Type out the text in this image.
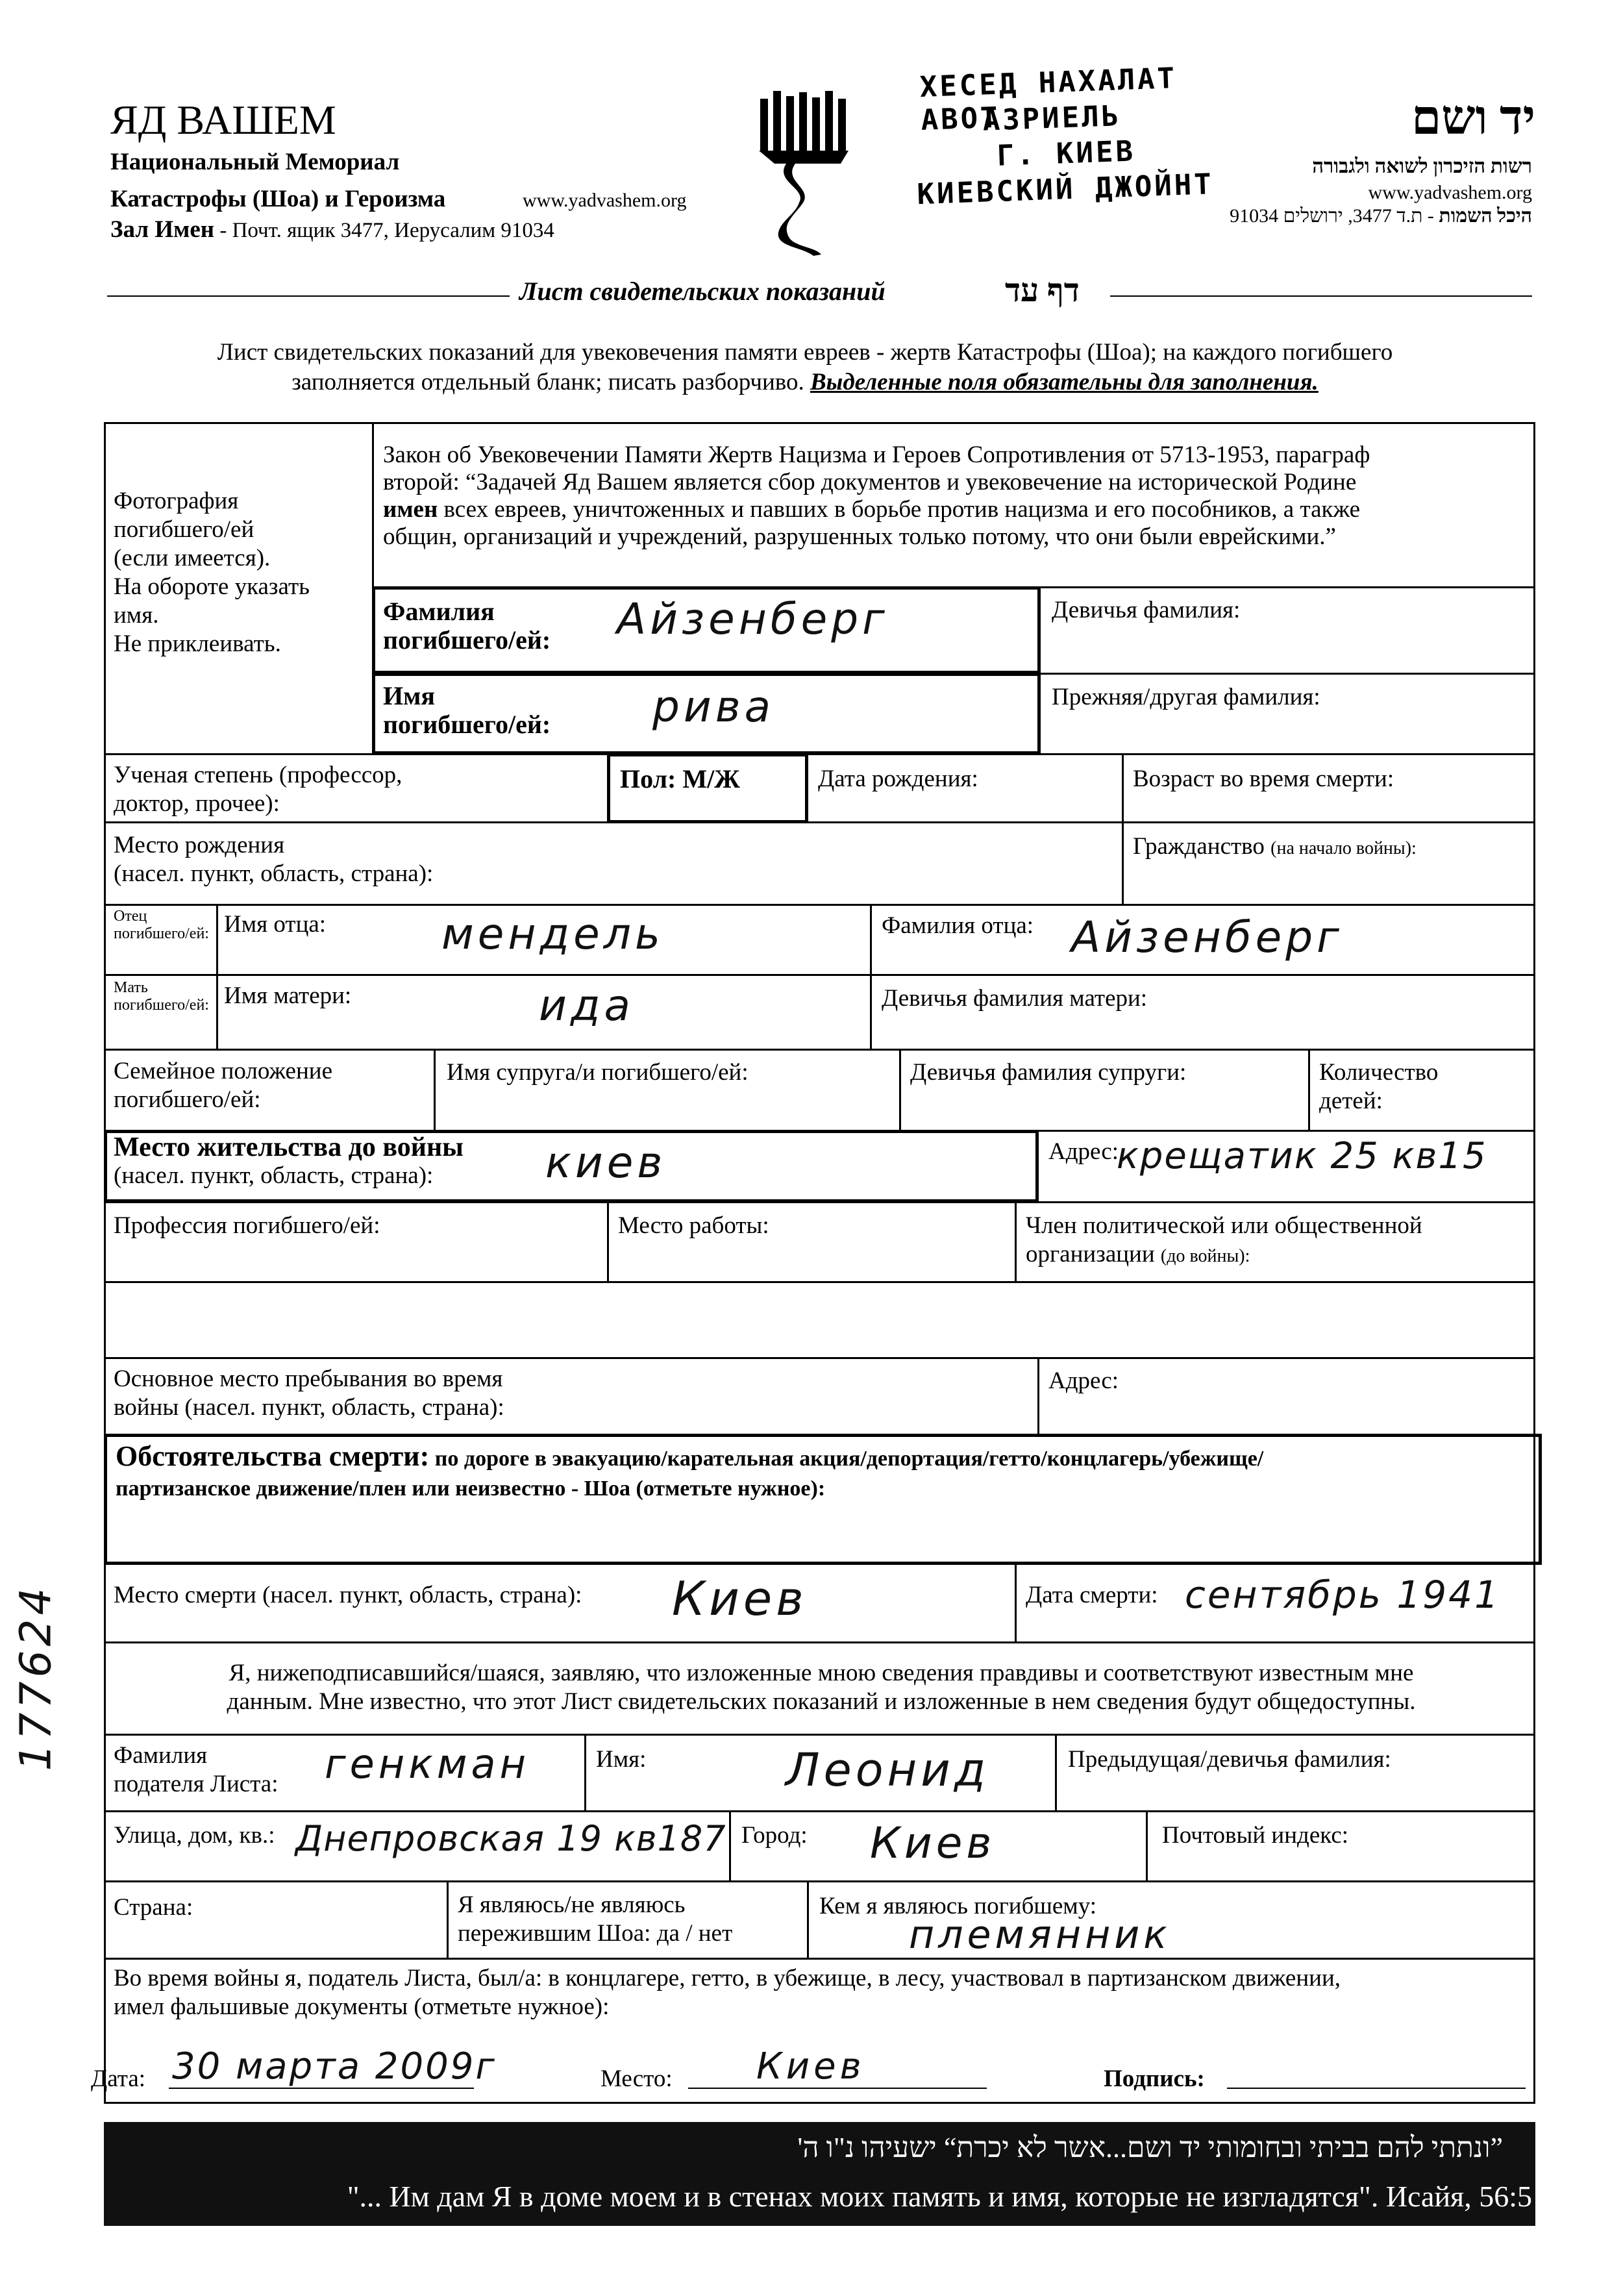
ЯД ВАШЕМ
Национальный Мемориал
Катастрофы (Шоа) и Героизма	www.yadvashem.org
Зал Имен - Почт. ящик 3477, Иерусалим 91034
ХЕСЕД НАХАЛАТ АВОТ
АЗРИЕЛЬ
Г. КИЕВ
КИЕВСКИЙ ДЖОЙНТ
יד ושם
רשות הזיכרון לשואה ולגבורה
www.yadvashem.org
היכל השמות - ת.ד 3477, ירושלים 91034
Лист свидетельских показаний	דף עד
Лист свидетельских показаний для увековечения памяти евреев - жертв Катастрофы (Шоа); на каждого погибшего
заполняется отдельный бланк; писать разборчиво. Выделенные поля обязательны для заполнения.
Фотография
погибшего/ей
(если имеется).
На обороте указать
имя.
Не приклеивать.
Закон об Увековечении Памяти Жертв Нацизма и Героев Сопротивления от 5713-1953, параграф
второй: “Задачей Яд Вашем является сбор документов и увековечение на исторической Родине
имен всех евреев, уничтоженных и павших в борьбе против нацизма и его пособников, а также
общин, организаций и учреждений, разрушенных только потому, что они были еврейскими.”
Фамилия
погибшего/ей: Айзенберг	Девичья фамилия:
Имя
погибшего/ей: рива	Прежняя/другая фамилия:
Ученая степень (профессор,
доктор, прочее):
Пол: М/Ж	Дата рождения:	Возраст во время смерти:
Место рождения
(насел. пункт, область, страна):
Гражданство (на начало войны):
Отец погибшего/ей: Имя отца:	мендель	Фамилия отца: Айзенберг
Мать погибшего/ей: Имя матери:	ида	Девичья фамилия матери:
Семейное положение
погибшего/ей:
Имя супруга/и погибшего/ей:	Девичья фамилия супруги:	Количество
детей:
Место жительства до войны
(насел. пункт, область, страна):	киев	Адрес:
крещатик 25 кв15
Профессия погибшего/ей:	Место работы:	Член политической или общественной
организации (до войны):
Основное место пребывания во время
войны (насел. пункт, область, страна):
Адрес:
Обстоятельства смерти: по дороге в эвакуацию/карательная акция/депортация/гетто/концлагерь/убежище/
партизанское движение/плен или неизвестно - Шоа (отметьте нужное):
Место смерти (насел. пункт, область, страна): Киев	Дата смерти: сентябрь 1941
Я, нижеподписавшийся/шаяся, заявляю, что изложенные мною сведения правдивы и соответствуют известным мне
данным. Мне известно, что этот Лист свидетельских показаний и изложенные в нем сведения будут общедоступны.
Фамилия
подателя Листа: генкман	Имя:	Леонид	Предыдущая/девичья фамилия:
Улица, дом, кв.: Днепровская 19 кв187 Город: Киев	Почтовый индекс:
Страна:	Я являюсь/не являюсь
пережившим Шоа: да / нет
Кем я являюсь погибшему:
племянник
Во время войны я, податель Листа, был/а: в концлагере, гетто, в убежище, в лесу, участвовал в партизанском движении,
имел фальшивые документы (отметьте нужное):
177624
Дата: 30 марта 2009г	Место: Киев	Подпись:
”ונתתי להם בביתי ובחומותי יד ושם...אשר לא יכרת“ ישעיהו נ"ו ה'
"... Им дам Я в доме моем и в стенах моих память и имя, которые не изгладятся". Исайя, 56:5
